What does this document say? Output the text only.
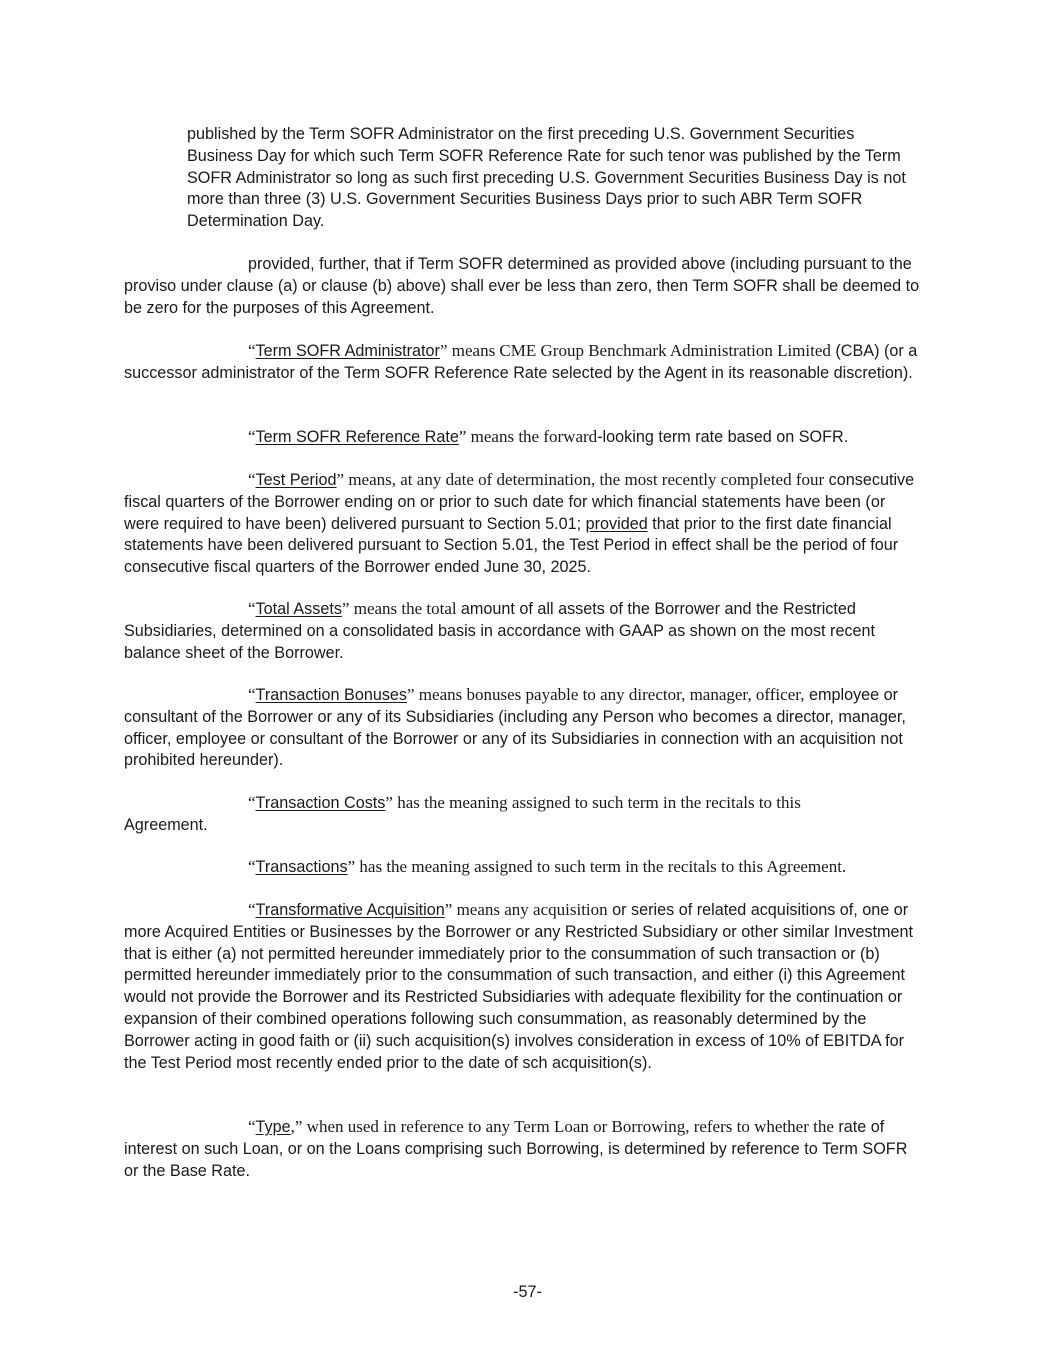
published by the Term SOFR Administrator on the first preceding U.S. Government Securities Business Day for which such Term SOFR Reference Rate for such tenor was published by the Term SOFR Administrator so long as such first preceding U.S. Government Securities Business Day is not more than three (3) U.S. Government Securities Business Days prior to such ABR Term SOFR Determination Day.

provided, further, that if Term SOFR determined as provided above (including pursuant to the proviso under clause (a) or clause (b) above) shall ever be less than zero, then Term SOFR shall be deemed to be zero for the purposes of this Agreement.

“Term SOFR Administrator” means CME Group Benchmark Administration Limited (CBA) (or a successor administrator of the Term SOFR Reference Rate selected by the Agent in its reasonable discretion).

“Term SOFR Reference Rate” means the forward-looking term rate based on SOFR.

“Test Period” means, at any date of determination, the most recently completed four consecutive fiscal quarters of the Borrower ending on or prior to such date for which financial statements have been (or were required to have been) delivered pursuant to Section 5.01; provided that prior to the first date financial statements have been delivered pursuant to Section 5.01, the Test Period in effect shall be the period of four consecutive fiscal quarters of the Borrower ended June 30, 2025.

“Total Assets” means the total amount of all assets of the Borrower and the Restricted Subsidiaries, determined on a consolidated basis in accordance with GAAP as shown on the most recent balance sheet of the Borrower.

“Transaction Bonuses” means bonuses payable to any director, manager, officer, employee or consultant of the Borrower or any of its Subsidiaries (including any Person who becomes a director, manager, officer, employee or consultant of the Borrower or any of its Subsidiaries in connection with an acquisition not prohibited hereunder).

“Transaction Costs” has the meaning assigned to such term in the recitals to this
Agreement.

“Transactions” has the meaning assigned to such term in the recitals to this Agreement.

“Transformative Acquisition” means any acquisition or series of related acquisitions of, one or more Acquired Entities or Businesses by the Borrower or any Restricted Subsidiary or other similar Investment that is either (a) not permitted hereunder immediately prior to the consummation of such transaction or (b) permitted hereunder immediately prior to the consummation of such transaction, and either (i) this Agreement would not provide the Borrower and its Restricted Subsidiaries with adequate flexibility for the continuation or expansion of their combined operations following such consummation, as reasonably determined by the Borrower acting in good faith or (ii) such acquisition(s) involves consideration in excess of 10% of EBITDA for the Test Period most recently ended prior to the date of sch acquisition(s).

“Type,” when used in reference to any Term Loan or Borrowing, refers to whether the rate of interest on such Loan, or on the Loans comprising such Borrowing, is determined by reference to Term SOFR or the Base Rate.

-57-
